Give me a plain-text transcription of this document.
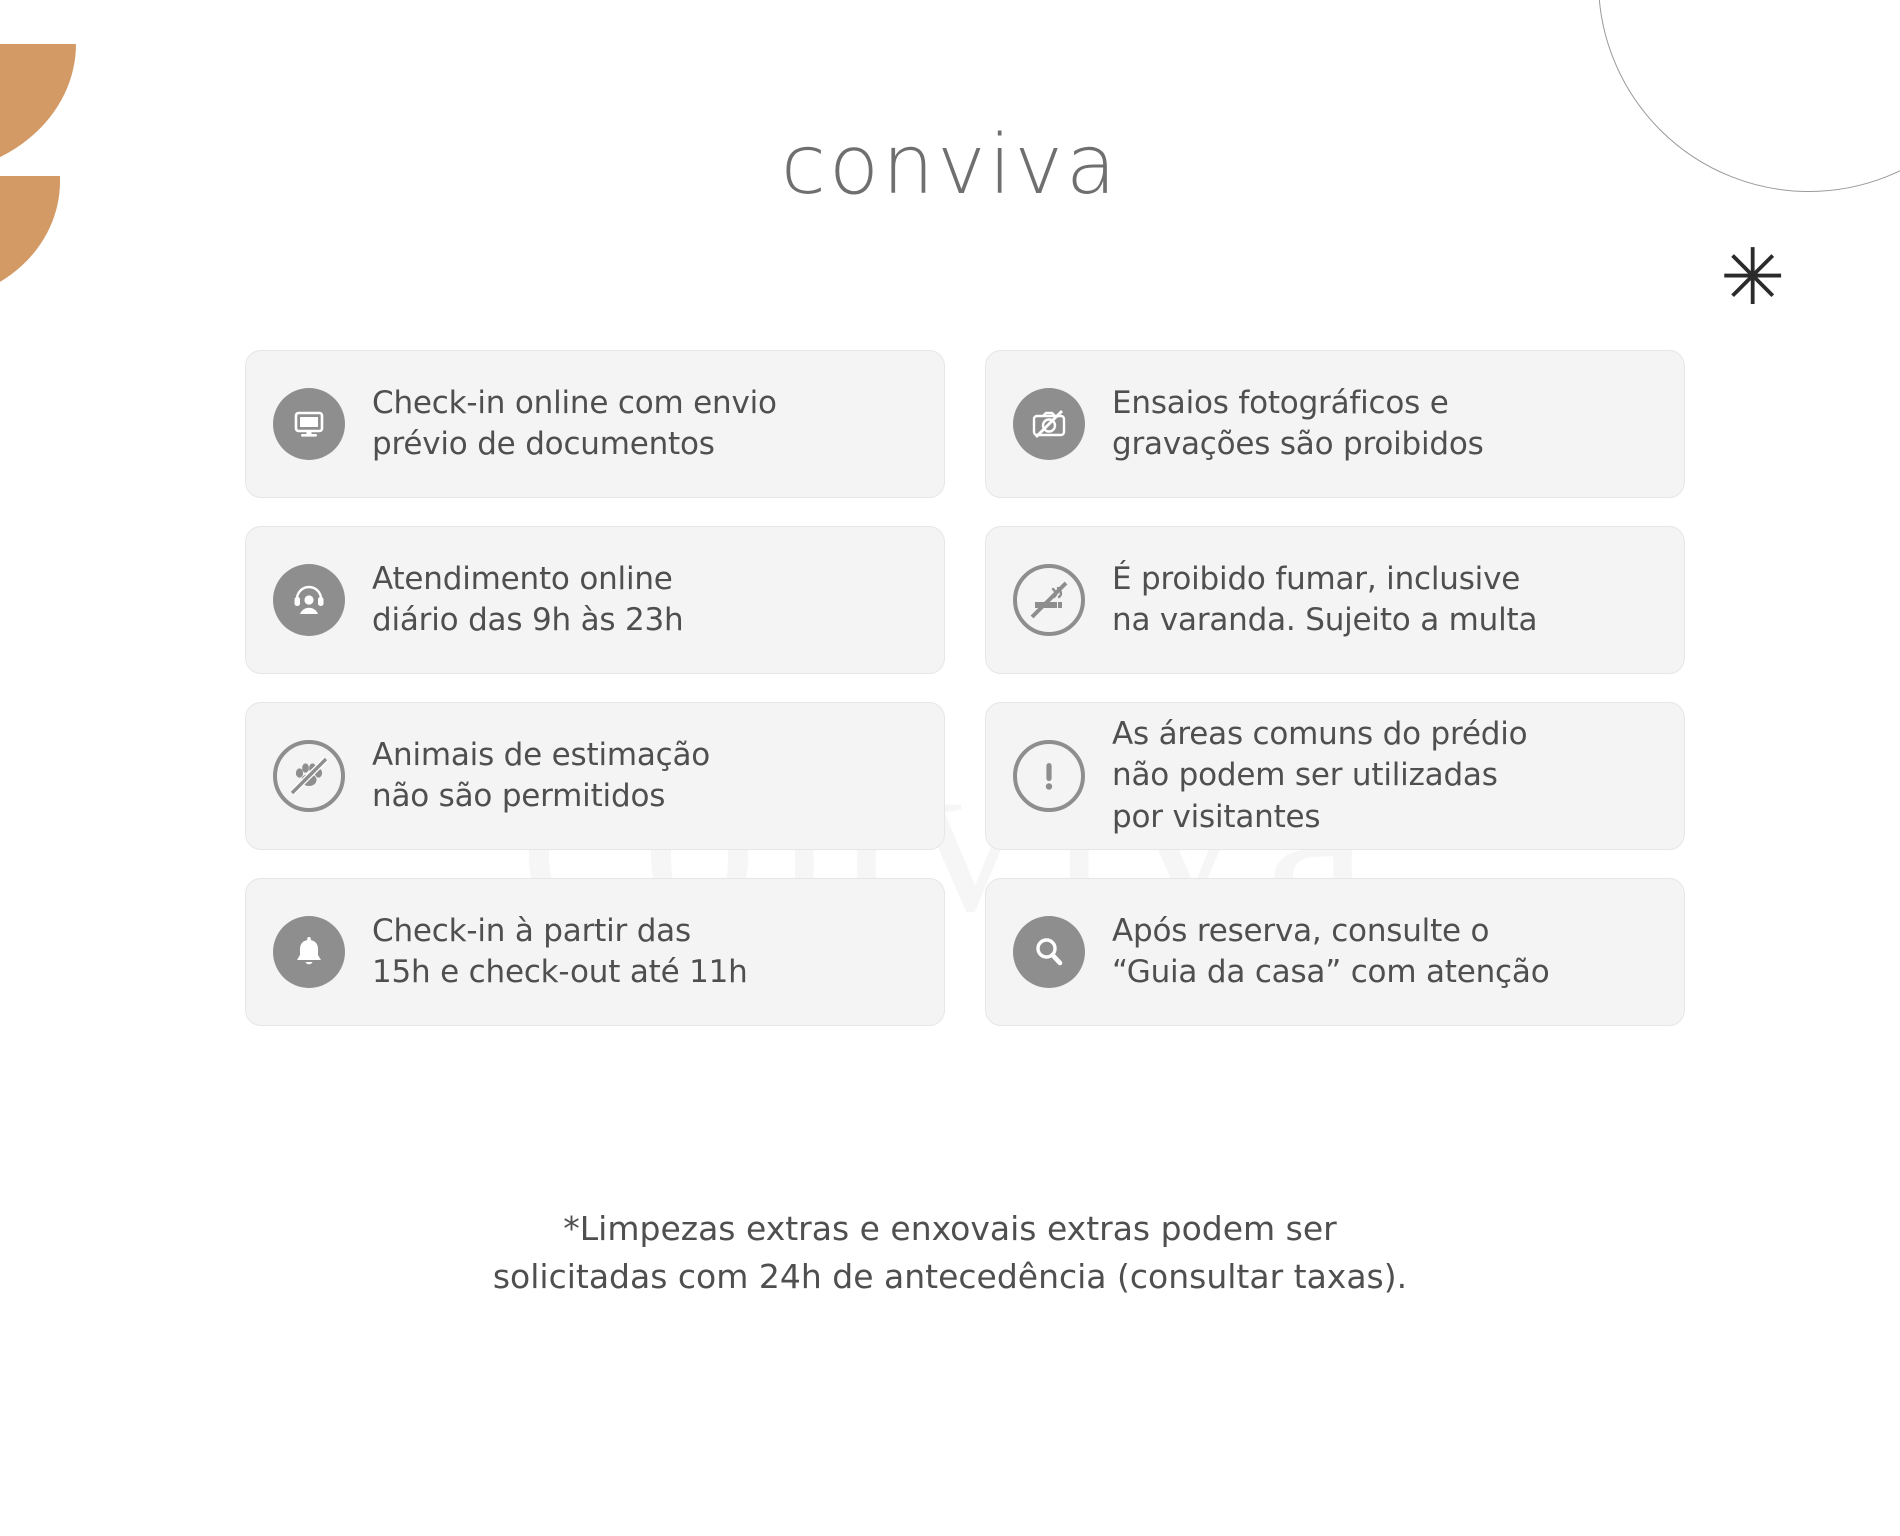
✳
conviva
Check-in online com envio
prévio de documentos
Ensaios fotográficos e
gravações são proibidos
Atendimento online
diário das 9h às 23h
É proibido fumar, inclusive
na varanda. Sujeito a multa
Animais de estimação
não são permitidos
As áreas comuns do prédio
não podem ser utilizadas
por visitantes
Check-in à partir das
15h e check-out até 11h
Após reserva, consulte o
“Guia da casa” com atenção
*Limpezas extras e enxovais extras podem ser
solicitadas com 24h de antecedência (consultar taxas).
